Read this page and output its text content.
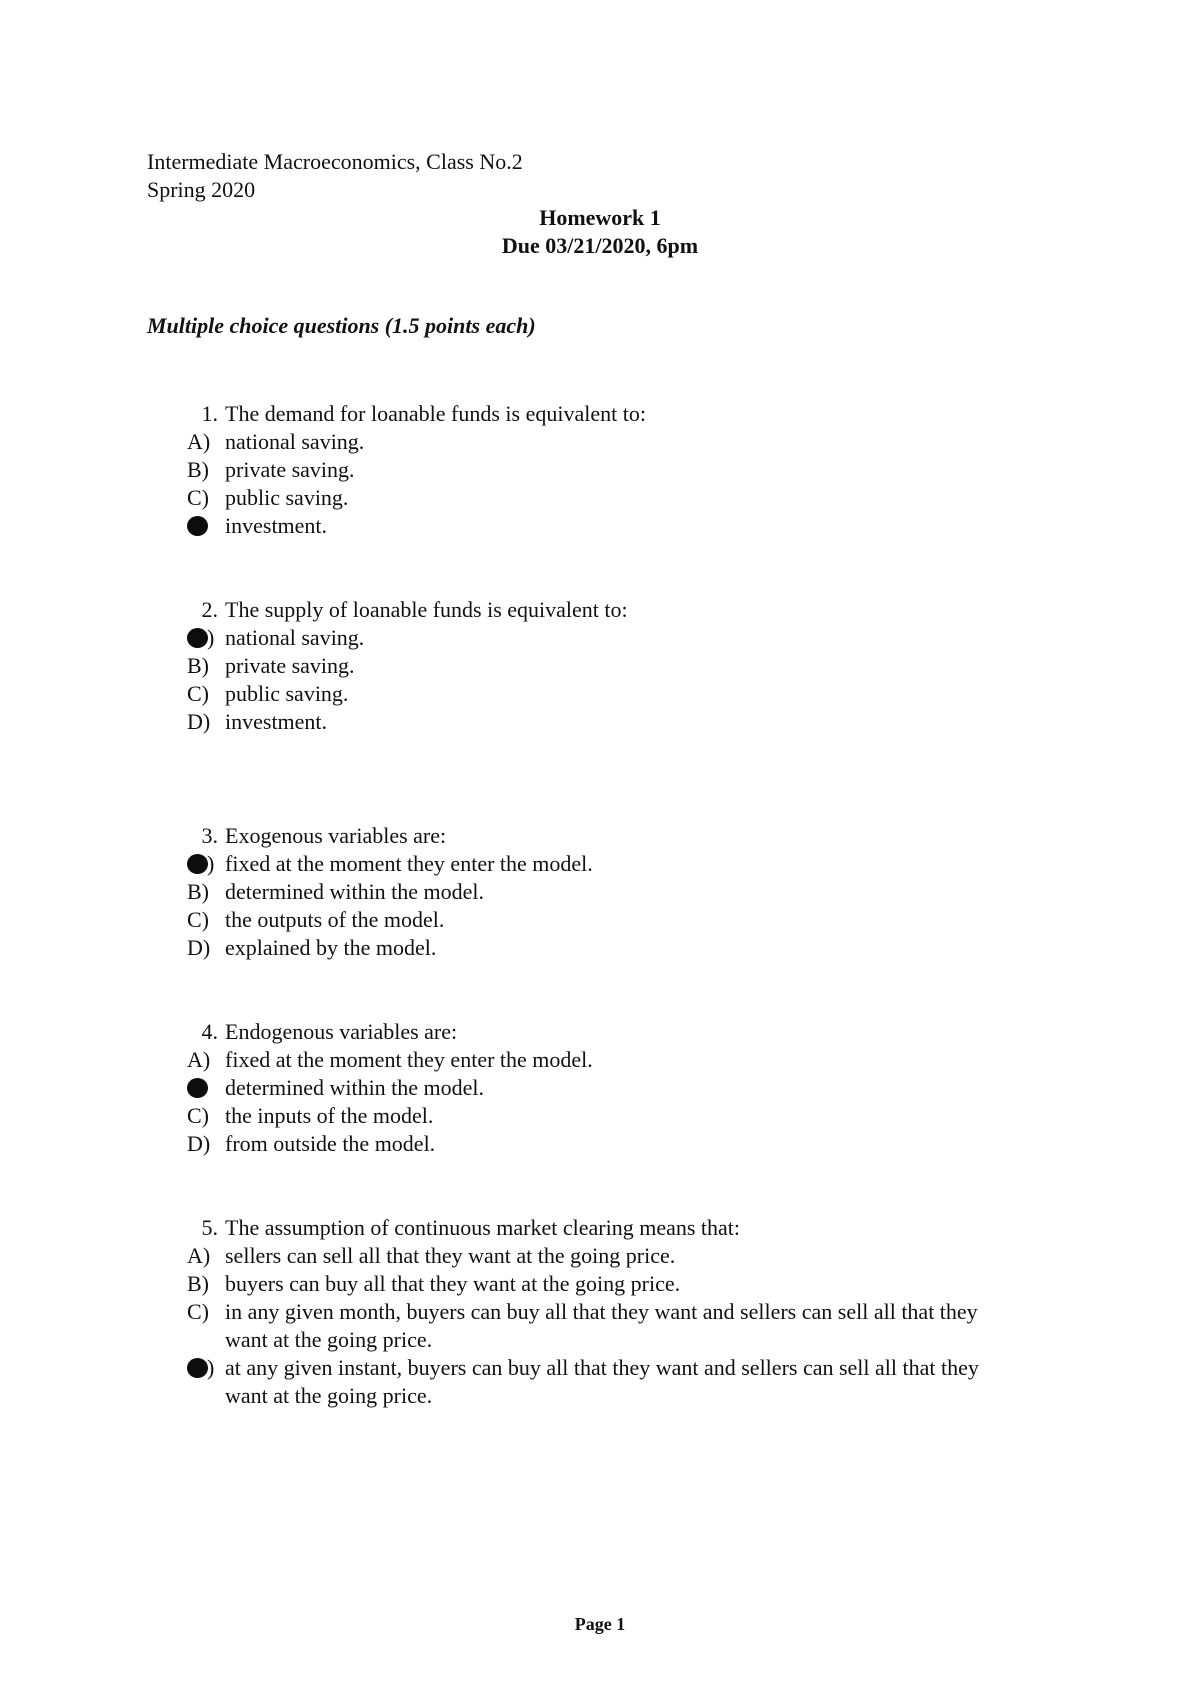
Intermediate Macroeconomics, Class No.2
Spring 2020
Homework 1
Due 03/21/2020, 6pm
Multiple choice questions (1.5 points each)
1. The demand for loanable funds is equivalent to:
A) national saving.
B) private saving.
C) public saving.
investment.
2. The supply of loanable funds is equivalent to:
) national saving.
B) private saving.
C) public saving.
D) investment.
3. Exogenous variables are:
) fixed at the moment they enter the model.
B) determined within the model.
C) the outputs of the model.
D) explained by the model.
4. Endogenous variables are:
A) fixed at the moment they enter the model.
determined within the model.
C) the inputs of the model.
D) from outside the model.
5. The assumption of continuous market clearing means that:
A) sellers can sell all that they want at the going price.
B) buyers can buy all that they want at the going price.
C) in any given month, buyers can buy all that they want and sellers can sell all that they want at the going price.
) at any given instant, buyers can buy all that they want and sellers can sell all that they want at the going price.
Page 1
